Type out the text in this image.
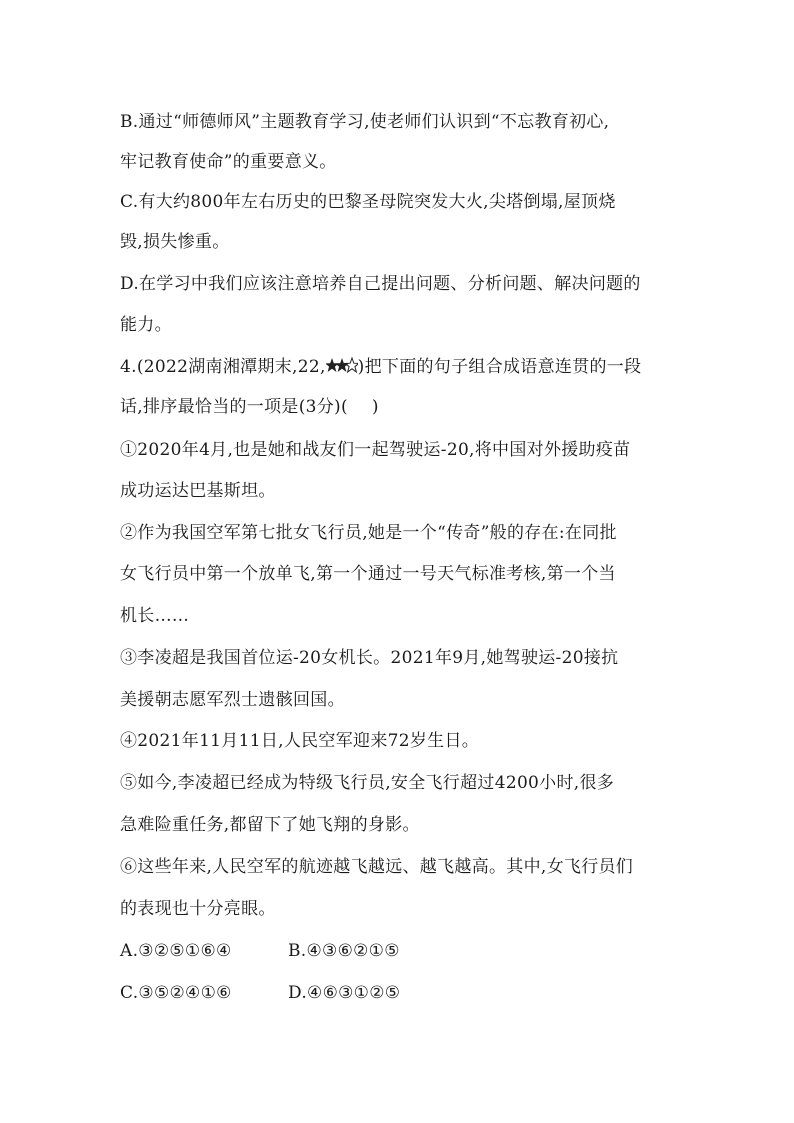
B.通过“师德师风”主题教育学习,使老师们认识到“不忘教育初心,
牢记教育使命”的重要意义。
C.有大约800年左右历史的巴黎圣母院突发大火,尖塔倒塌,屋顶烧
毁,损失惨重。
D.在学习中我们应该注意培养自己提出问题、分析问题、解决问题的
能力。
4.(2022湖南湘潭期末,22, )把下面的句子组合成语意连贯的一段
话,排序最恰当的一项是(3分)( )
①2020年4月,也是她和战友们一起驾驶运-20,将中国对外援助疫苗
成功运达巴基斯坦。
②作为我国空军第七批女飞行员,她是一个“传奇”般的存在:在同批
女飞行员中第一个放单飞,第一个通过一号天气标准考核,第一个当
机长……
③李凌超是我国首位运-20女机长。2021年9月,她驾驶运-20接抗
美援朝志愿军烈士遗骸回国。
④2021年11月11日,人民空军迎来72岁生日。
⑤如今,李凌超已经成为特级飞行员,安全飞行超过4200小时,很多
急难险重任务,都留下了她飞翔的身影。
⑥这些年来,人民空军的航迹越飞越远、越飞越高。其中,女飞行员们
的表现也十分亮眼。
A.③②⑤①⑥④	B.④③⑥②①⑤
C.③⑤②④①⑥	D.④⑥③①②⑤
